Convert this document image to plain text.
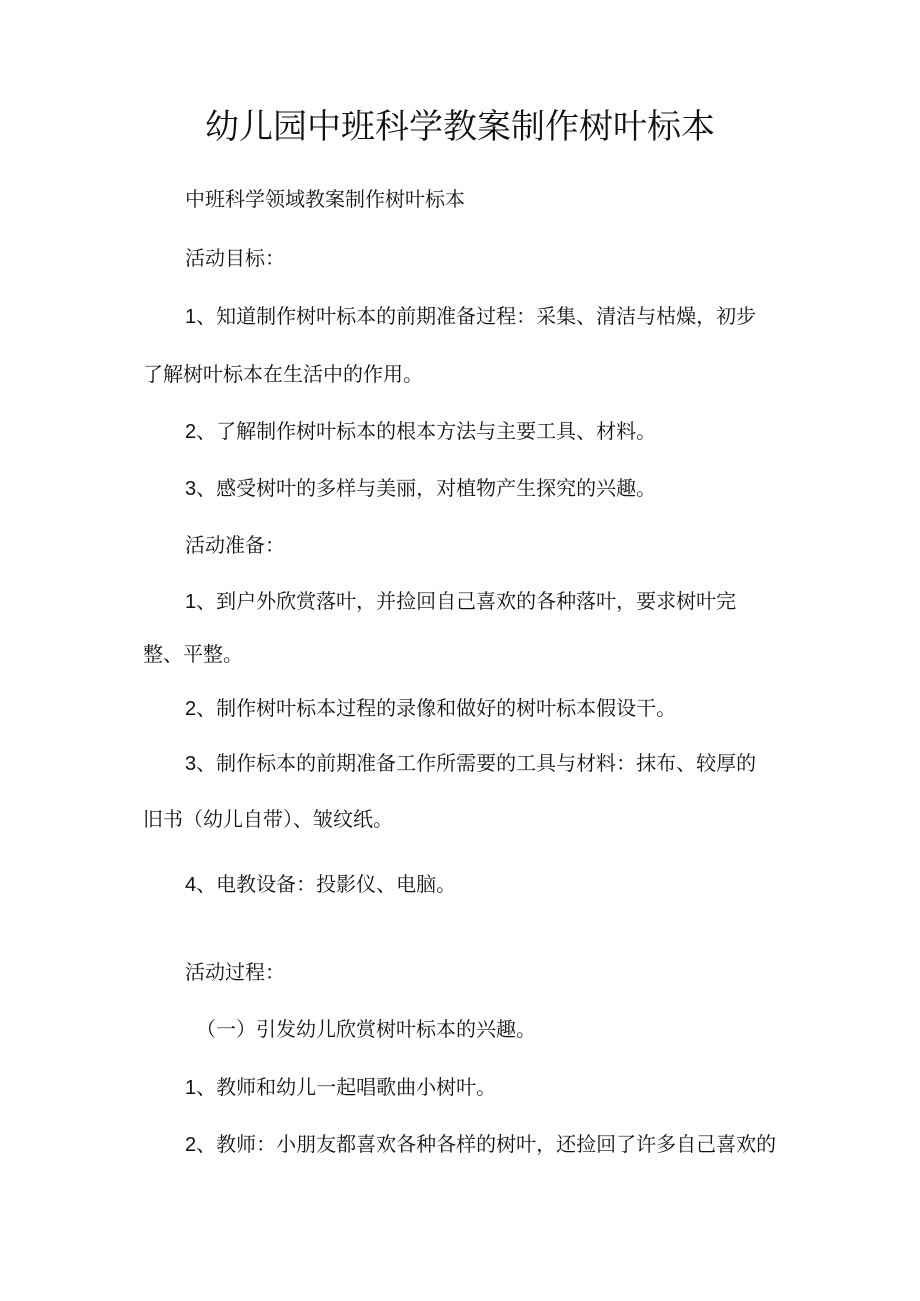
幼儿园中班科学教案制作树叶标本
中班科学领域教案制作树叶标本
活动目标：
1、知道制作树叶标本的前期准备过程：采集、清洁与枯燥，初步
了解树叶标本在生活中的作用。
2、了解制作树叶标本的根本方法与主要工具、材料。
3、感受树叶的多样与美丽，对植物产生探究的兴趣。
活动准备：
1、到户外欣赏落叶，并捡回自己喜欢的各种落叶，要求树叶完
整、平整。
2、制作树叶标本过程的录像和做好的树叶标本假设干。
3、制作标本的前期准备工作所需要的工具与材料：抹布、较厚的
旧书（幼儿自带）、皱纹纸。
4、电教设备：投影仪、电脑。
活动过程：
（一）引发幼儿欣赏树叶标本的兴趣。
1、教师和幼儿一起唱歌曲小树叶。
2、教师：小朋友都喜欢各种各样的树叶，还捡回了许多自己喜欢的
